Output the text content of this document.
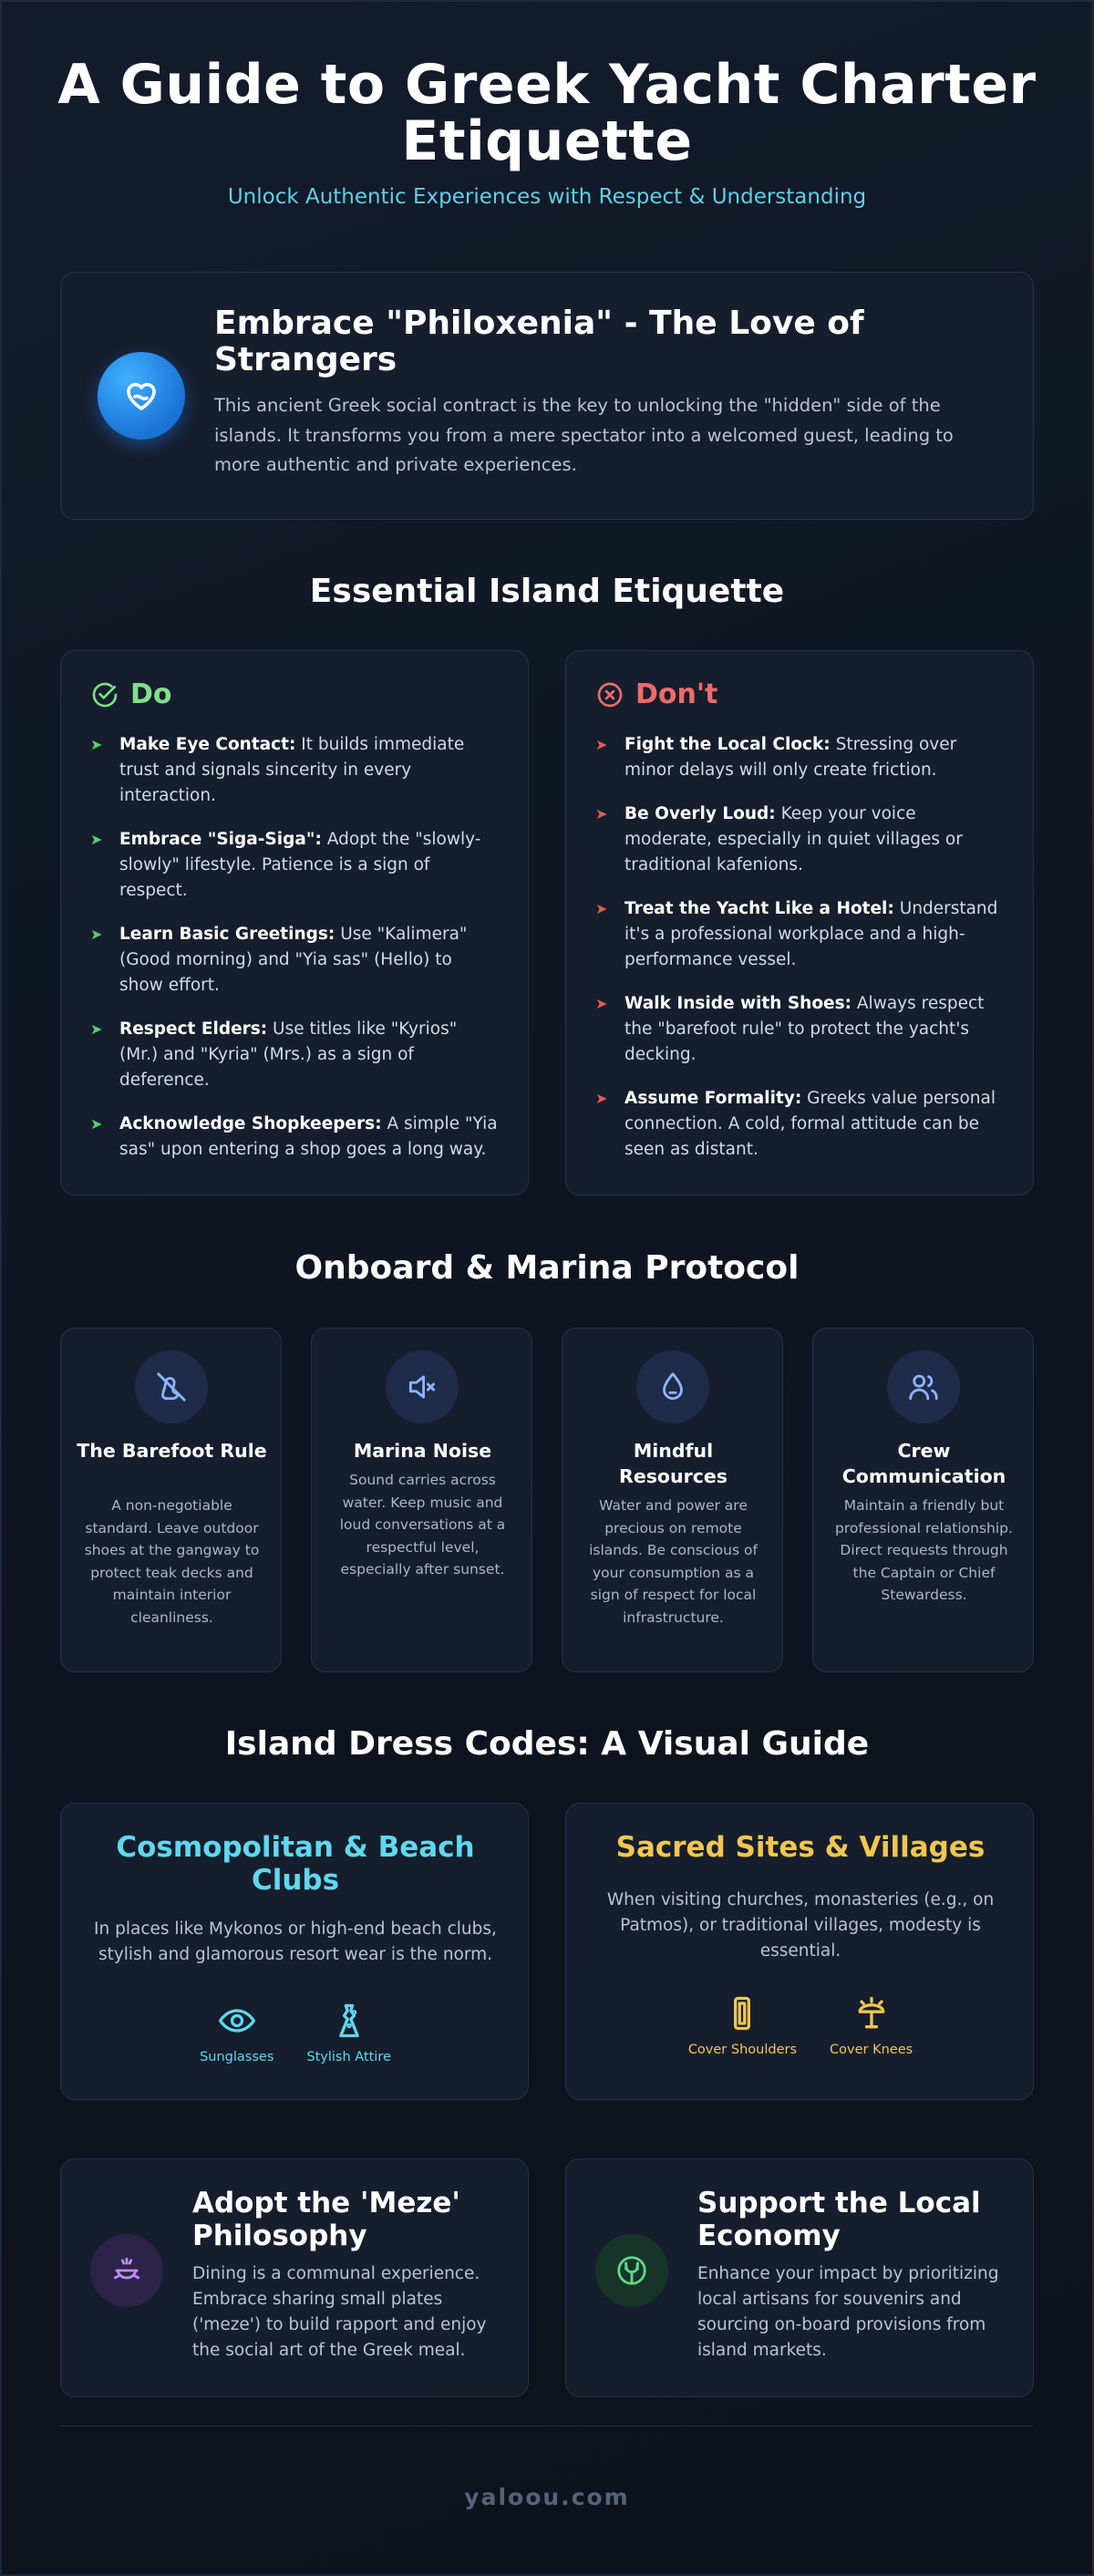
A Guide to Greek Yacht Charter Etiquette
Unlock Authentic Experiences with Respect & Understanding
Embrace "Philoxenia" - The Love of Strangers

This ancient Greek social contract is the key to unlocking the "hidden" side of the islands. It transforms you from a mere spectator into a welcomed guest, leading to more authentic and private experiences.

Essential Island Etiquette
Do
➤ Make Eye Contact: It builds immediate trust and signals sincerity in every interaction.
➤ Embrace "Siga-Siga": Adopt the "slowly-slowly" lifestyle. Patience is a sign of respect.
➤ Learn Basic Greetings: Use "Kalimera" (Good morning) and "Yia sas" (Hello) to show effort.
➤ Respect Elders: Use titles like "Kyrios" (Mr.) and "Kyria" (Mrs.) as a sign of deference.
➤ Acknowledge Shopkeepers: A simple "Yia sas" upon entering a shop goes a long way.
Don't
➤ Fight the Local Clock: Stressing over minor delays will only create friction.
➤ Be Overly Loud: Keep your voice moderate, especially in quiet villages or traditional kafenions.
➤ Treat the Yacht Like a Hotel: Understand it's a professional workplace and a high-performance vessel.
➤ Walk Inside with Shoes: Always respect the "barefoot rule" to protect the yacht's decking.
➤ Assume Formality: Greeks value personal connection. A cold, formal attitude can be seen as distant.
Onboard & Marina Protocol
The Barefoot Rule

A non-negotiable standard. Leave outdoor shoes at the gangway to protect teak decks and maintain interior cleanliness.

Marina Noise

Sound carries across water. Keep music and loud conversations at a respectful level, especially after sunset.

Mindful Resources

Water and power are precious on remote islands. Be conscious of your consumption as a sign of respect for local infrastructure.

Crew Communication

Maintain a friendly but professional relationship. Direct requests through the Captain or Chief Stewardess.

Island Dress Codes: A Visual Guide
Cosmopolitan & Beach Clubs

In places like Mykonos or high-end beach clubs, stylish and glamorous resort wear is the norm.

Sunglasses Stylish Attire
Sacred Sites & Villages

When visiting churches, monasteries (e.g., on Patmos), or traditional villages, modesty is essential.

Cover Shoulders Cover Knees
Adopt the 'Meze' Philosophy

Dining is a communal experience. Embrace sharing small plates ('meze') to build rapport and enjoy the social art of the Greek meal.

Support the Local Economy

Enhance your impact by prioritizing local artisans for souvenirs and sourcing on-board provisions from island markets.

yaloou.com
